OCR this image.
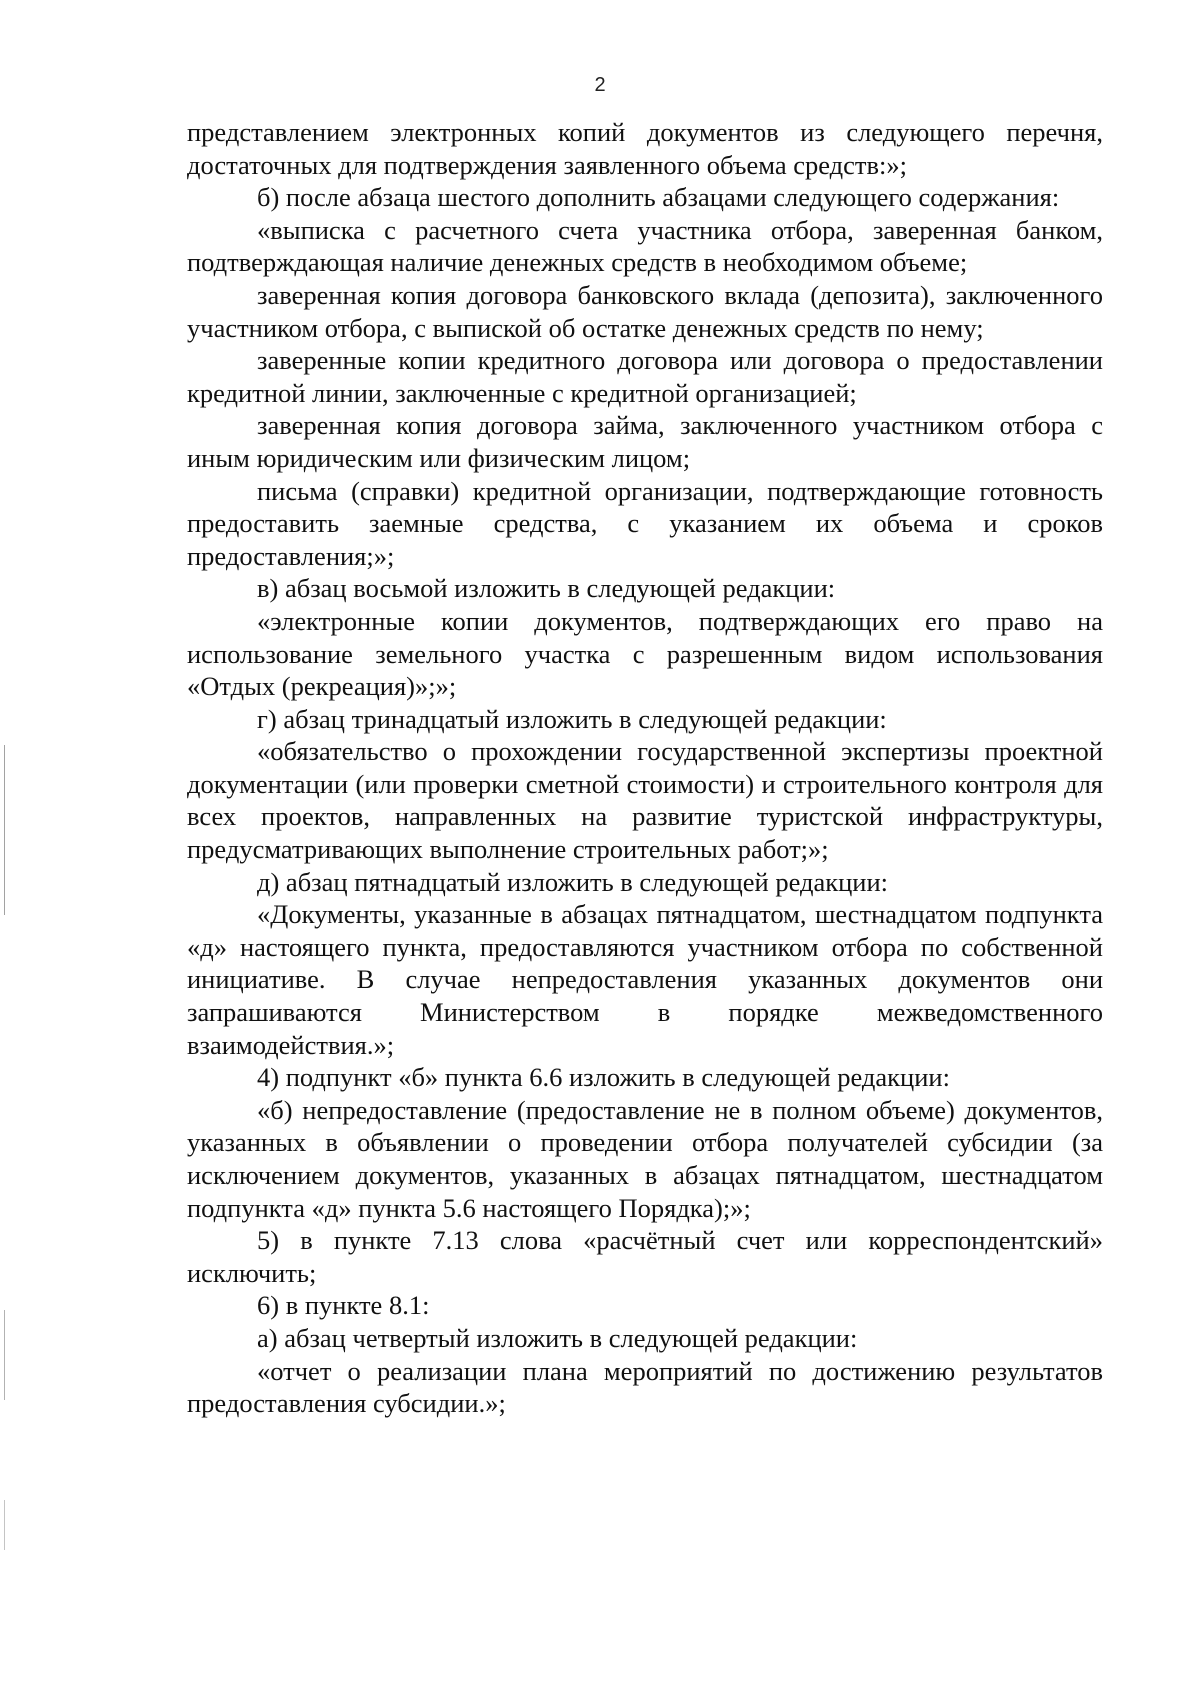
2

представлением электронных копий документов из следующего перечня, достаточных для подтверждения заявленного объема средств:»;

б) после абзаца шестого дополнить абзацами следующего содержания:

«выписка с расчетного счета участника отбора, заверенная банком, подтверждающая наличие денежных средств в необходимом объеме;

заверенная копия договора банковского вклада (депозита), заключенного участником отбора, с выпиской об остатке денежных средств по нему;

заверенные копии кредитного договора или договора о предоставлении кредитной линии, заключенные с кредитной организацией;

заверенная копия договора займа, заключенного участником отбора с иным юридическим или физическим лицом;

письма (справки) кредитной организации, подтверждающие готовность предоставить заемные средства, с указанием их объема и сроков предоставления;»;

в) абзац восьмой изложить в следующей редакции:

«электронные копии документов, подтверждающих его право на использование земельного участка с разрешенным видом использования «Отдых (рекреация)»;»;

г) абзац тринадцатый изложить в следующей редакции:

«обязательство о прохождении государственной экспертизы проектной документации (или проверки сметной стоимости) и строительного контроля для всех проектов, направленных на развитие туристской инфраструктуры, предусматривающих выполнение строительных работ;»;

д) абзац пятнадцатый изложить в следующей редакции:

«Документы, указанные в абзацах пятнадцатом, шестнадцатом подпункта «д» настоящего пункта, предоставляются участником отбора по собственной инициативе. В случае непредоставления указанных документов они запрашиваются Министерством в порядке межведомственного взаимодействия.»;

4) подпункт «б» пункта 6.6 изложить в следующей редакции:

«б) непредоставление (предоставление не в полном объеме) документов, указанных в объявлении о проведении отбора получателей субсидии (за исключением документов, указанных в абзацах пятнадцатом, шестнадцатом подпункта «д» пункта 5.6 настоящего Порядка);»;

5) в пункте 7.13 слова «расчётный счет или корреспондентский» исключить;

6) в пункте 8.1:

а) абзац четвертый изложить в следующей редакции:

«отчет о реализации плана мероприятий по достижению результатов предоставления субсидии.»;
